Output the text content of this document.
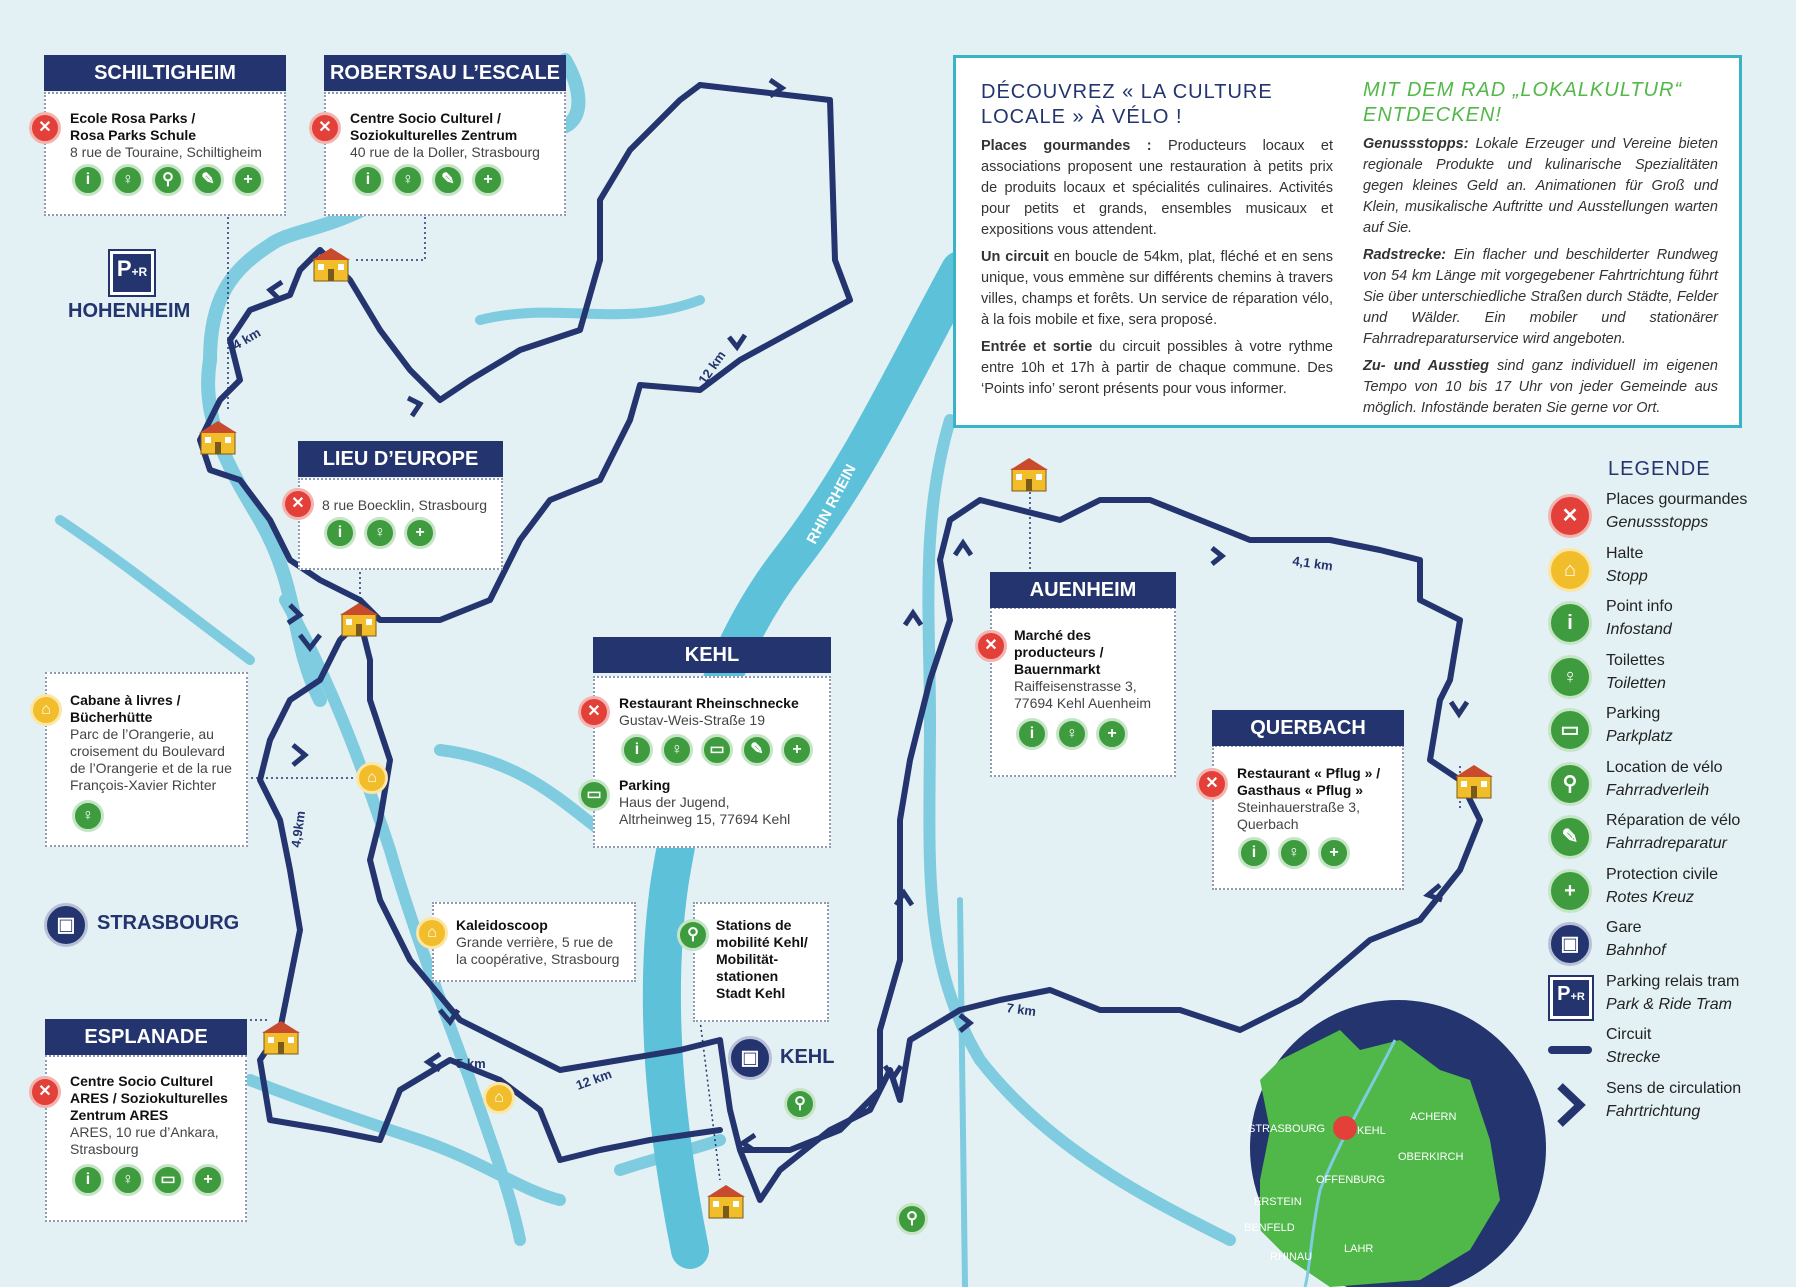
RHIN RHEIN
4 km
12 km
4,1 km
4,9km
7 km
5 km
12 km
STRASBOURG	KEHL
ACHERN
OBERKIRCH
OFFENBURG
ERSTEIN
BENFELD
RHINAU
LAHR
⌂
⌂	⚲
⚲
P+R
HOHENHEIM
▣	STRASBOURG
▣	KEHL
SCHILTIGHEIM
✕
Ecole Rosa Parks /
Rosa Parks Schule
8 rue de Touraine, Schiltigheim
i	♀	⚲	✎	+
ROBERTSAU L’ESCALE
✕
Centre Socio Culturel /
Soziokulturelles Zentrum
40 rue de la Doller, Strasbourg
i	♀	✎	+
LIEU D’EUROPE
✕	8 rue Boecklin, Strasbourg
i	♀	+
KEHL
✕	Restaurant Rheinschnecke
Gustav-Weis-Straße 19
i	♀	▭	✎	+
▭
Parking
Haus der Jugend,
Altrheinweg 15, 77694 Kehl
AUENHEIM
✕
Marché des
producteurs /
Bauernmarkt
Raiffeisenstrasse 3,
77694 Kehl Auenheim
i	♀	+	QUERBACH
✕
Restaurant « Pflug » /
Gasthaus « Pflug »
Steinhauerstraße 3,
Querbach
i	♀	+
⌂
Cabane à livres /
Bücherhütte
Parc de l’Orangerie, au
croisement du Boulevard
de l’Orangerie et de la rue
François-Xavier Richter
♀
⌂	Kaleidoscoop
Grande verrière, 5 rue de
la coopérative, Strasbourg
⚲
Stations de
mobilité Kehl/
Mobilität-
stationen
Stadt Kehl
ESPLANADE
✕
Centre Socio Culturel
ARES / Soziokulturelles
Zentrum ARES
ARES, 10 rue d’Ankara,
Strasbourg
i	♀	▭	+
DÉCOUVREZ « LA CULTURE LOCALE » À VÉLO !

Places gourmandes : Producteurs locaux et associations proposent une restauration à petits prix de produits locaux et spécialités culinaires. Activités pour petits et grands, ensembles musicaux et expositions vous attendent.

Un circuit en boucle de 54km, plat, fléché et en sens unique, vous emmène sur différents chemins à travers villes, champs et forêts. Un service de réparation vélo, à la fois mobile et fixe, sera proposé.

Entrée et sortie du circuit possibles à votre rythme entre 10h et 17h à partir de chaque commune. Des ‘Points info’ seront présents pour vous informer.

MIT DEM RAD „LOKALKULTUR“ ENTDECKEN!

Genussstopps: Lokale Erzeuger und Vereine bieten regionale Produkte und kulinarische Spezialitäten gegen kleines Geld an. Animationen für Groß und Klein, musikalische Auftritte und Ausstellungen warten auf Sie.

Radstrecke: Ein flacher und beschilderter Rundweg von 54 km Länge mit vorgegebener Fahrtrichtung führt Sie über unterschiedliche Straßen durch Städte, Felder und Wälder. Ein mobiler und stationärer Fahrradreparaturservice wird angeboten.

Zu- und Ausstieg sind ganz individuell im eigenen Tempo von 10 bis 17 Uhr von jeder Gemeinde aus möglich. Infostände beraten Sie gerne vor Ort.

LEGENDE
✕
Places gourmandes
Genussstopps
⌂
Halte
Stopp
i
Point info
Infostand
♀
Toilettes
Toiletten
▭
Parking
Parkplatz
⚲
Location de vélo
Fahrradverleih
✎
Réparation de vélo
Fahrradreparatur
+
Protection civile
Rotes Kreuz
▣
Gare
Bahnhof
P+R
Parking relais tram
Park & Ride Tram
Circuit
Strecke
Sens de circulation
Fahrtrichtung
